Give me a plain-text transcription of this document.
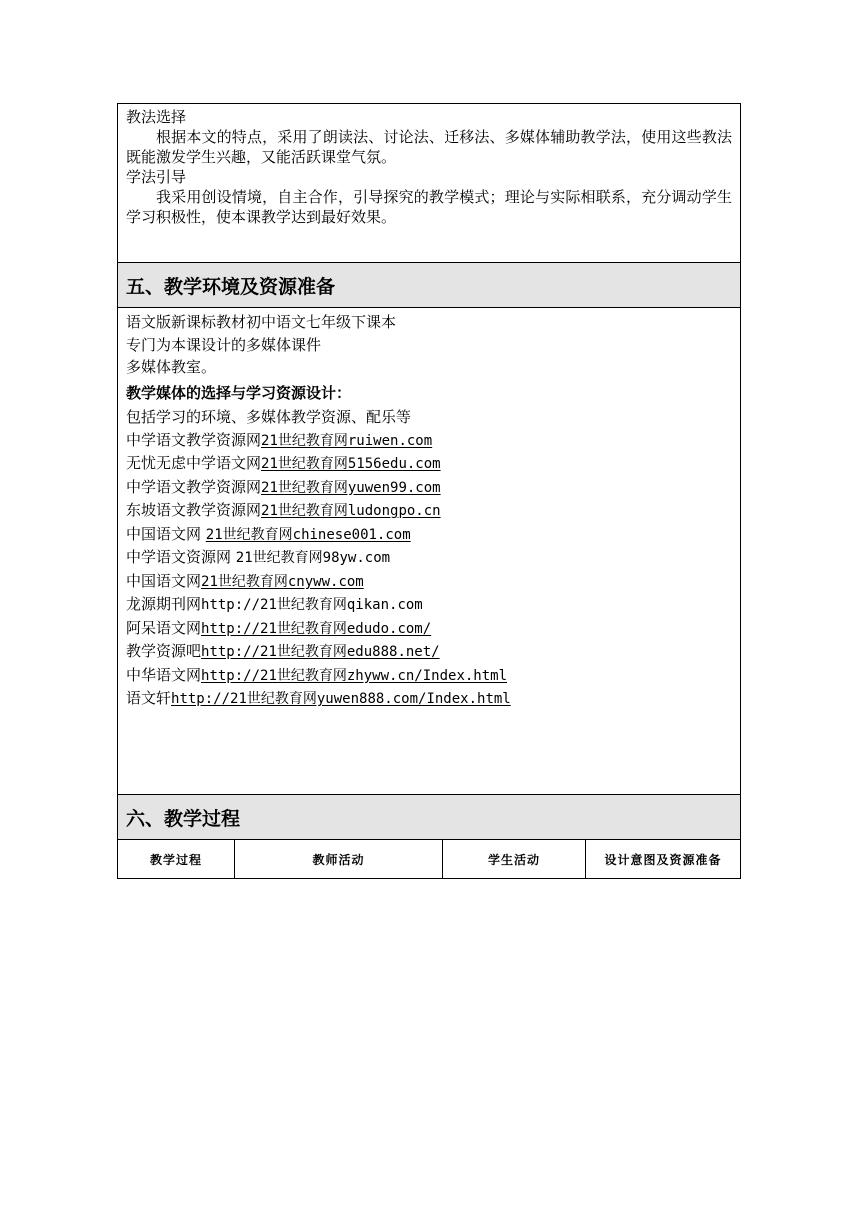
教法选择
根据本文的特点，采用了朗读法、讨论法、迁移法、多媒体辅助教学法，使用这些教法既能激发学生兴趣，又能活跃课堂气氛。
学法引导
我采用创设情境，自主合作，引导探究的教学模式；理论与实际相联系，充分调动学生学习积极性，使本课教学达到最好效果。
五、教学环境及资源准备
语文版新课标教材初中语文七年级下课本
专门为本课设计的多媒体课件
多媒体教室。
教学媒体的选择与学习资源设计：
包括学习的环境、多媒体教学资源、配乐等
中学语文教学资源网21世纪教育网ruiwen.com
无忧无虑中学语文网21世纪教育网5156edu.com
中学语文教学资源网21世纪教育网yuwen99.com
东坡语文教学资源网21世纪教育网ludongpo.cn
中国语文网 21世纪教育网chinese001.com
中学语文资源网 21世纪教育网98yw.com
中国语文网21世纪教育网cnyww.com
龙源期刊网http://21世纪教育网qikan.com
阿呆语文网http://21世纪教育网edudo.com/
教学资源吧http://21世纪教育网edu888.net/
中华语文网http://21世纪教育网zhyww.cn/Index.html
语文轩http://21世纪教育网yuwen888.com/Index.html
六、教学过程
教学过程	教师活动	学生活动	设计意图及资源准备
